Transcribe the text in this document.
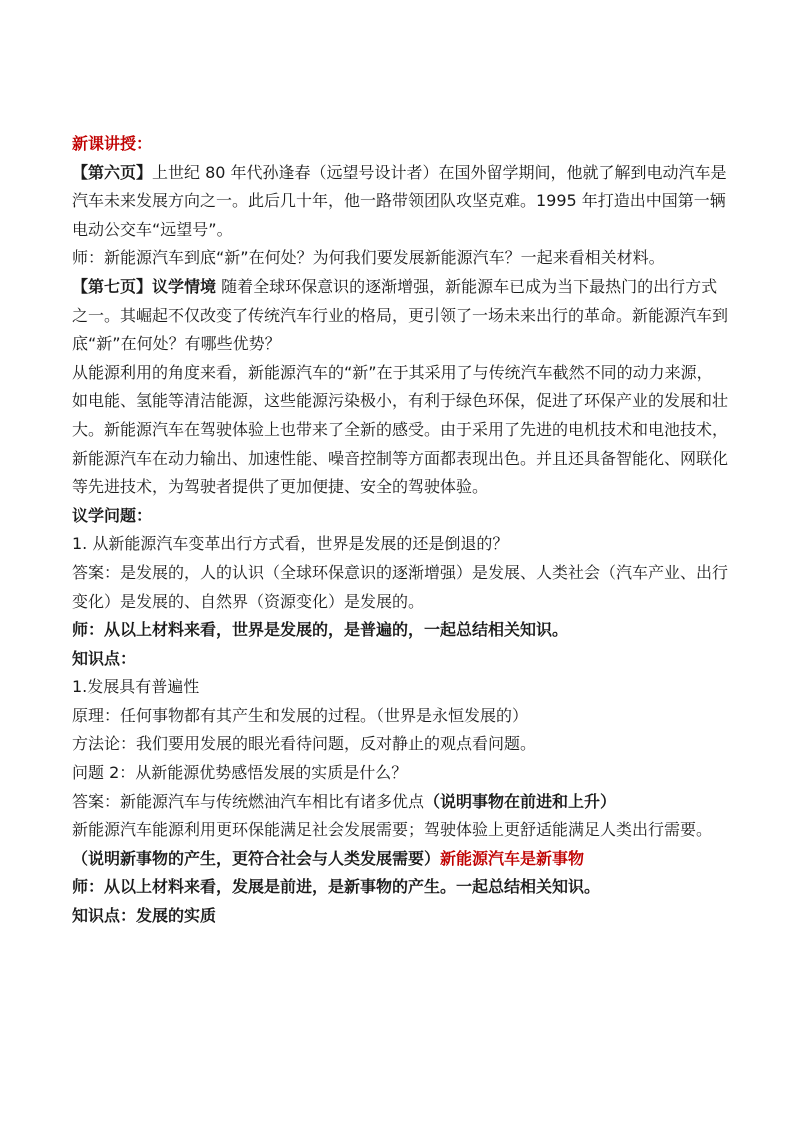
新课讲授：

【第六页】上世纪 80 年代孙逢春（远望号设计者）在国外留学期间，他就了解到电动汽车是

汽车未来发展方向之一。此后几十年，他一路带领团队攻坚克难。1995 年打造出中国第一辆

电动公交车“远望号”。

师：新能源汽车到底“新”在何处？为何我们要发展新能源汽车？一起来看相关材料。

【第七页】议学情境 随着全球环保意识的逐渐增强，新能源车已成为当下最热门的出行方式

之一。其崛起不仅改变了传统汽车行业的格局，更引领了一场未来出行的革命。新能源汽车到

底“新”在何处？有哪些优势？

从能源利用的角度来看，新能源汽车的“新”在于其采用了与传统汽车截然不同的动力来源，

如电能、氢能等清洁能源，这些能源污染极小，有利于绿色环保，促进了环保产业的发展和壮

大。新能源汽车在驾驶体验上也带来了全新的感受。由于采用了先进的电机技术和电池技术，

新能源汽车在动力输出、加速性能、噪音控制等方面都表现出色。并且还具备智能化、网联化

等先进技术，为驾驶者提供了更加便捷、安全的驾驶体验。

议学问题：

1. 从新能源汽车变革出行方式看，世界是发展的还是倒退的？

答案：是发展的，人的认识（全球环保意识的逐渐增强）是发展、人类社会（汽车产业、出行

变化）是发展的、自然界（资源变化）是发展的。

师：从以上材料来看，世界是发展的，是普遍的，一起总结相关知识。

知识点：

1.发展具有普遍性

原理：任何事物都有其产生和发展的过程。（世界是永恒发展的）

方法论：我们要用发展的眼光看待问题，反对静止的观点看问题。

问题 2：从新能源优势感悟发展的实质是什么？

答案：新能源汽车与传统燃油汽车相比有诸多优点（说明事物在前进和上升）

新能源汽车能源利用更环保能满足社会发展需要；驾驶体验上更舒适能满足人类出行需要。

（说明新事物的产生，更符合社会与人类发展需要）新能源汽车是新事物

师：从以上材料来看，发展是前进，是新事物的产生。一起总结相关知识。

知识点：发展的实质
